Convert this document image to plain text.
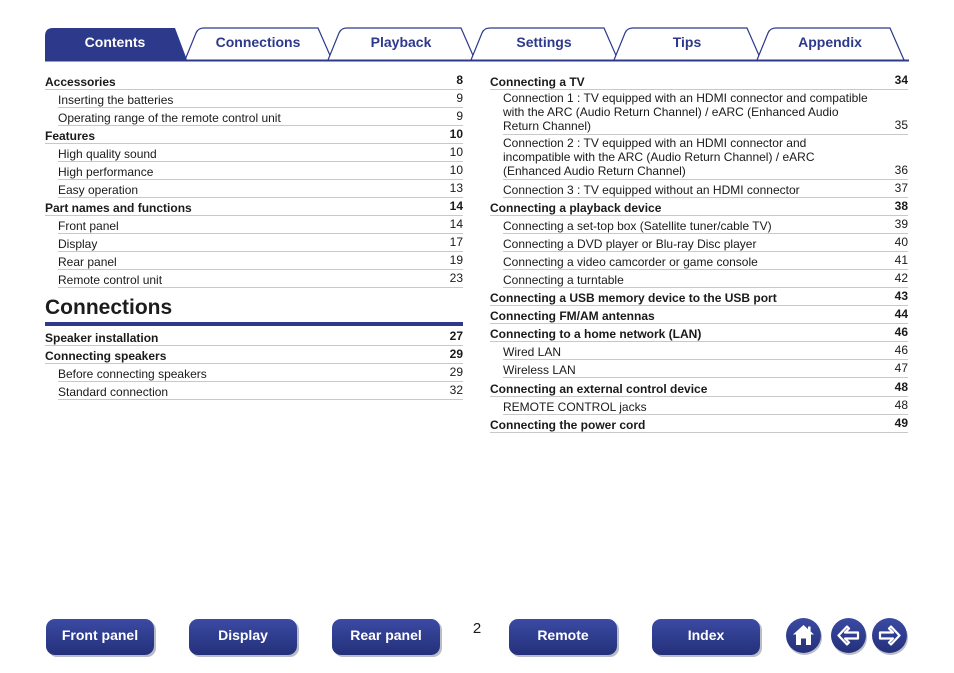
Contents	Connections	Playback	Settings	Tips	Appendix
Accessories	8
Inserting the batteries	9
Operating range of the remote control unit	9
Features	10
High quality sound	10
High performance	10
Easy operation	13
Part names and functions	14
Front panel	14
Display	17
Rear panel	19
Remote control unit	23
Connections
Speaker installation	27
Connecting speakers	29
Before connecting speakers	29
Standard connection	32
Connecting a TV	34
Connection 1 : TV equipped with an HDMI connector and compatible with the ARC (Audio Return Channel) / eARC (Enhanced Audio Return Channel)	35
Connection 2 : TV equipped with an HDMI connector and incompatible with the ARC (Audio Return Channel) / eARC (Enhanced Audio Return Channel)	36
Connection 3 : TV equipped without an HDMI connector	37
Connecting a playback device	38
Connecting a set-top box (Satellite tuner/cable TV)	39
Connecting a DVD player or Blu-ray Disc player	40
Connecting a video camcorder or game console	41
Connecting a turntable	42
Connecting a USB memory device to the USB port	43
Connecting FM/AM antennas	44
Connecting to a home network (LAN)	46
Wired LAN	46
Wireless LAN	47
Connecting an external control device	48
REMOTE CONTROL jacks	48
Connecting the power cord	49
Front panel	Display	Rear panel	2	Remote	Index
